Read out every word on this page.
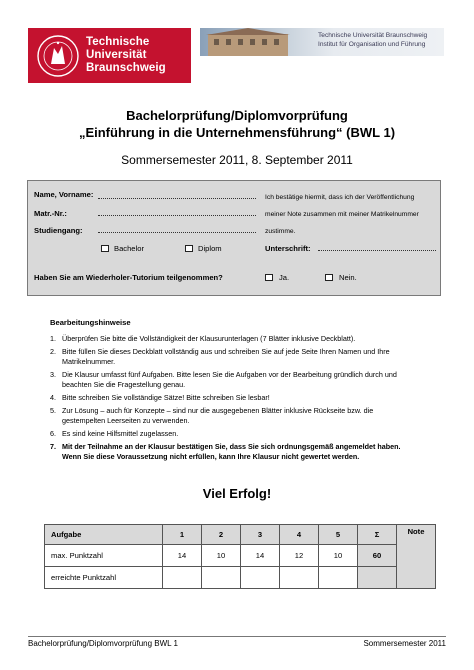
Technische
Universität
Braunschweig
Technische Universität Braunschweig
Institut für Organisation und Führung
Bachelorprüfung/Diplomvorprüfung
„Einführung in die Unternehmensführung“ (BWL 1)
Sommersemester 2011, 8. September 2011
Name, Vorname:
Matr.-Nr.:
Studiengang:
Bachelor	Diplom
Ich bestätige hiermit, dass ich der Veröffentlichung meiner Note zusammen mit meiner Matrikelnummer zustimme.
Unterschrift:
Haben Sie am Wiederholer-Tutorium teilgenommen?	Ja.	Nein.
Bearbeitungshinweise
1. Überprüfen Sie bitte die Vollständigkeit der Klausurunterlagen (7 Blätter inklusive Deckblatt).
2. Bitte füllen Sie dieses Deckblatt vollständig aus und schreiben Sie auf jede Seite Ihren Namen und Ihre Matrikelnummer.
3. Die Klausur umfasst fünf Aufgaben. Bitte lesen Sie die Aufgaben vor der Bearbeitung gründlich durch und beachten Sie die Fragestellung genau.
4. Bitte schreiben Sie vollständige Sätze! Bitte schreiben Sie lesbar!
5. Zur Lösung – auch für Konzepte – sind nur die ausgegebenen Blätter inklusive Rückseite bzw. die gestempelten Leerseiten zu verwenden.
6. Es sind keine Hilfsmittel zugelassen.
7. Mit der Teilnahme an der Klausur bestätigen Sie, dass Sie sich ordnungsgemäß angemeldet haben. Wenn Sie diese Voraussetzung nicht erfüllen, kann Ihre Klausur nicht gewertet werden.
Viel Erfolg!
Aufgabe	1	2	3	4	5	Σ	Note
max. Punktzahl	14	10	14	12	10	60	
erreichte Punktzahl							
Bachelorprüfung/Diplomvorprüfung BWL 1	Sommersemester 2011
